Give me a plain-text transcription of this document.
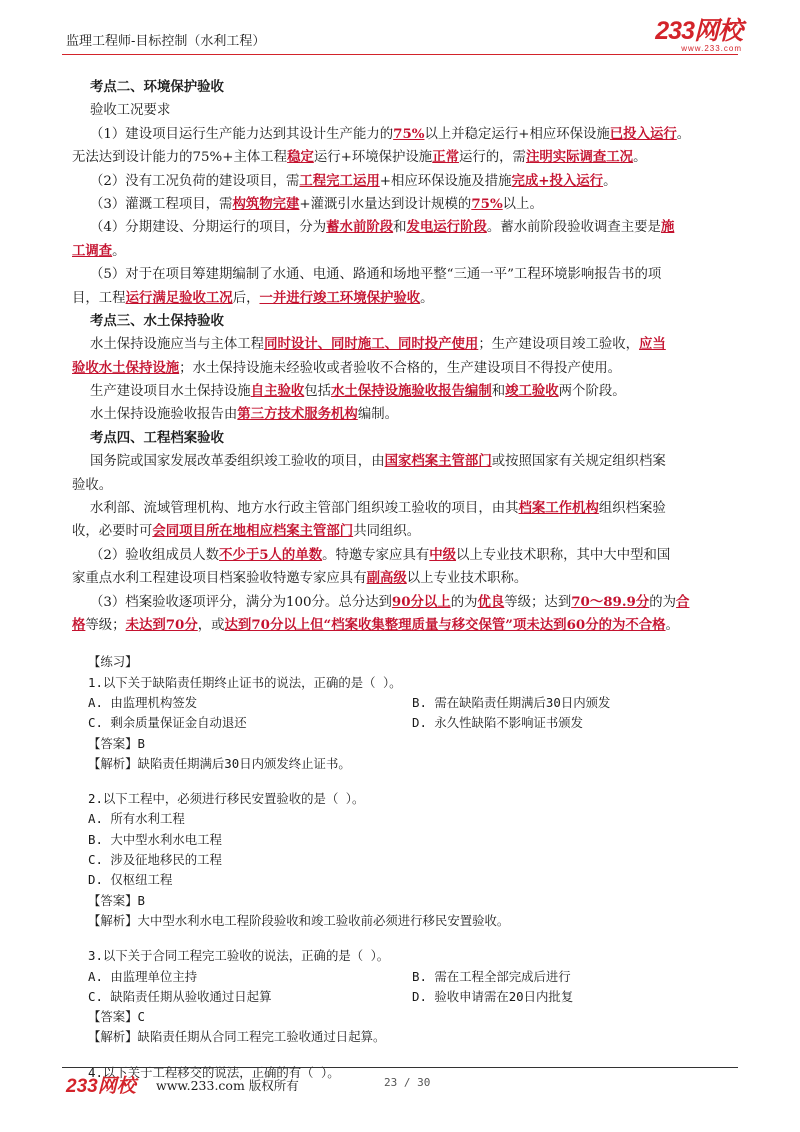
监理工程师-目标控制（水利工程）	233网校
www.233.com
考点二、环境保护验收
验收工况要求
（1）建设项目运行生产能力达到其设计生产能力的75%以上并稳定运行+相应环保设施已投入运行。
无法达到设计能力的75%+主体工程稳定运行+环境保护设施正常运行的，需注明实际调查工况。
（2）没有工况负荷的建设项目，需工程完工运用+相应环保设施及措施完成+投入运行。
（3）灌溉工程项目，需构筑物完建+灌溉引水量达到设计规模的75%以上。
（4）分期建设、分期运行的项目，分为蓄水前阶段和发电运行阶段。蓄水前阶段验收调查主要是施
工调查。
（5）对于在项目筹建期编制了水通、电通、路通和场地平整“三通一平”工程环境影响报告书的项
目，工程运行满足验收工况后，一并进行竣工环境保护验收。
考点三、水土保持验收
水土保持设施应当与主体工程同时设计、同时施工、同时投产使用；生产建设项目竣工验收，应当
验收水土保持设施；水土保持设施未经验收或者验收不合格的，生产建设项目不得投产使用。
生产建设项目水土保持设施自主验收包括水土保持设施验收报告编制和竣工验收两个阶段。
水土保持设施验收报告由第三方技术服务机构编制。
考点四、工程档案验收
国务院或国家发展改革委组织竣工验收的项目，由国家档案主管部门或按照国家有关规定组织档案
验收。
水利部、流域管理机构、地方水行政主管部门组织竣工验收的项目，由其档案工作机构组织档案验
收，必要时可会同项目所在地相应档案主管部门共同组织。
（2）验收组成员人数不少于5人的单数。特邀专家应具有中级以上专业技术职称，其中大中型和国
家重点水利工程建设项目档案验收特邀专家应具有副高级以上专业技术职称。
（3）档案验收逐项评分，满分为100分。总分达到90分以上的为优良等级；达到70～89.9分的为合
格等级；未达到70分，或达到70分以上但“档案收集整理质量与移交保管”项未达到60分的为不合格。
【练习】
1.以下关于缺陷责任期终止证书的说法，正确的是（ ）。
A. 由监理机构签发	B. 需在缺陷责任期满后30日内颁发
C. 剩余质量保证金自动退还	D. 永久性缺陷不影响证书颁发
【答案】B
【解析】缺陷责任期满后30日内颁发终止证书。
2.以下工程中，必须进行移民安置验收的是（ ）。
A. 所有水利工程
B. 大中型水利水电工程
C. 涉及征地移民的工程
D. 仅枢纽工程
【答案】B
【解析】大中型水利水电工程阶段验收和竣工验收前必须进行移民安置验收。
3.以下关于合同工程完工验收的说法，正确的是（ ）。
A. 由监理单位主持	B. 需在工程全部完成后进行
C. 缺陷责任期从验收通过日起算	D. 验收申请需在20日内批复
【答案】C
【解析】缺陷责任期从合同工程完工验收通过日起算。
4.以下关于工程移交的说法，正确的有（ ）。
233网校 www.233.com 版权所有	23 / 30
